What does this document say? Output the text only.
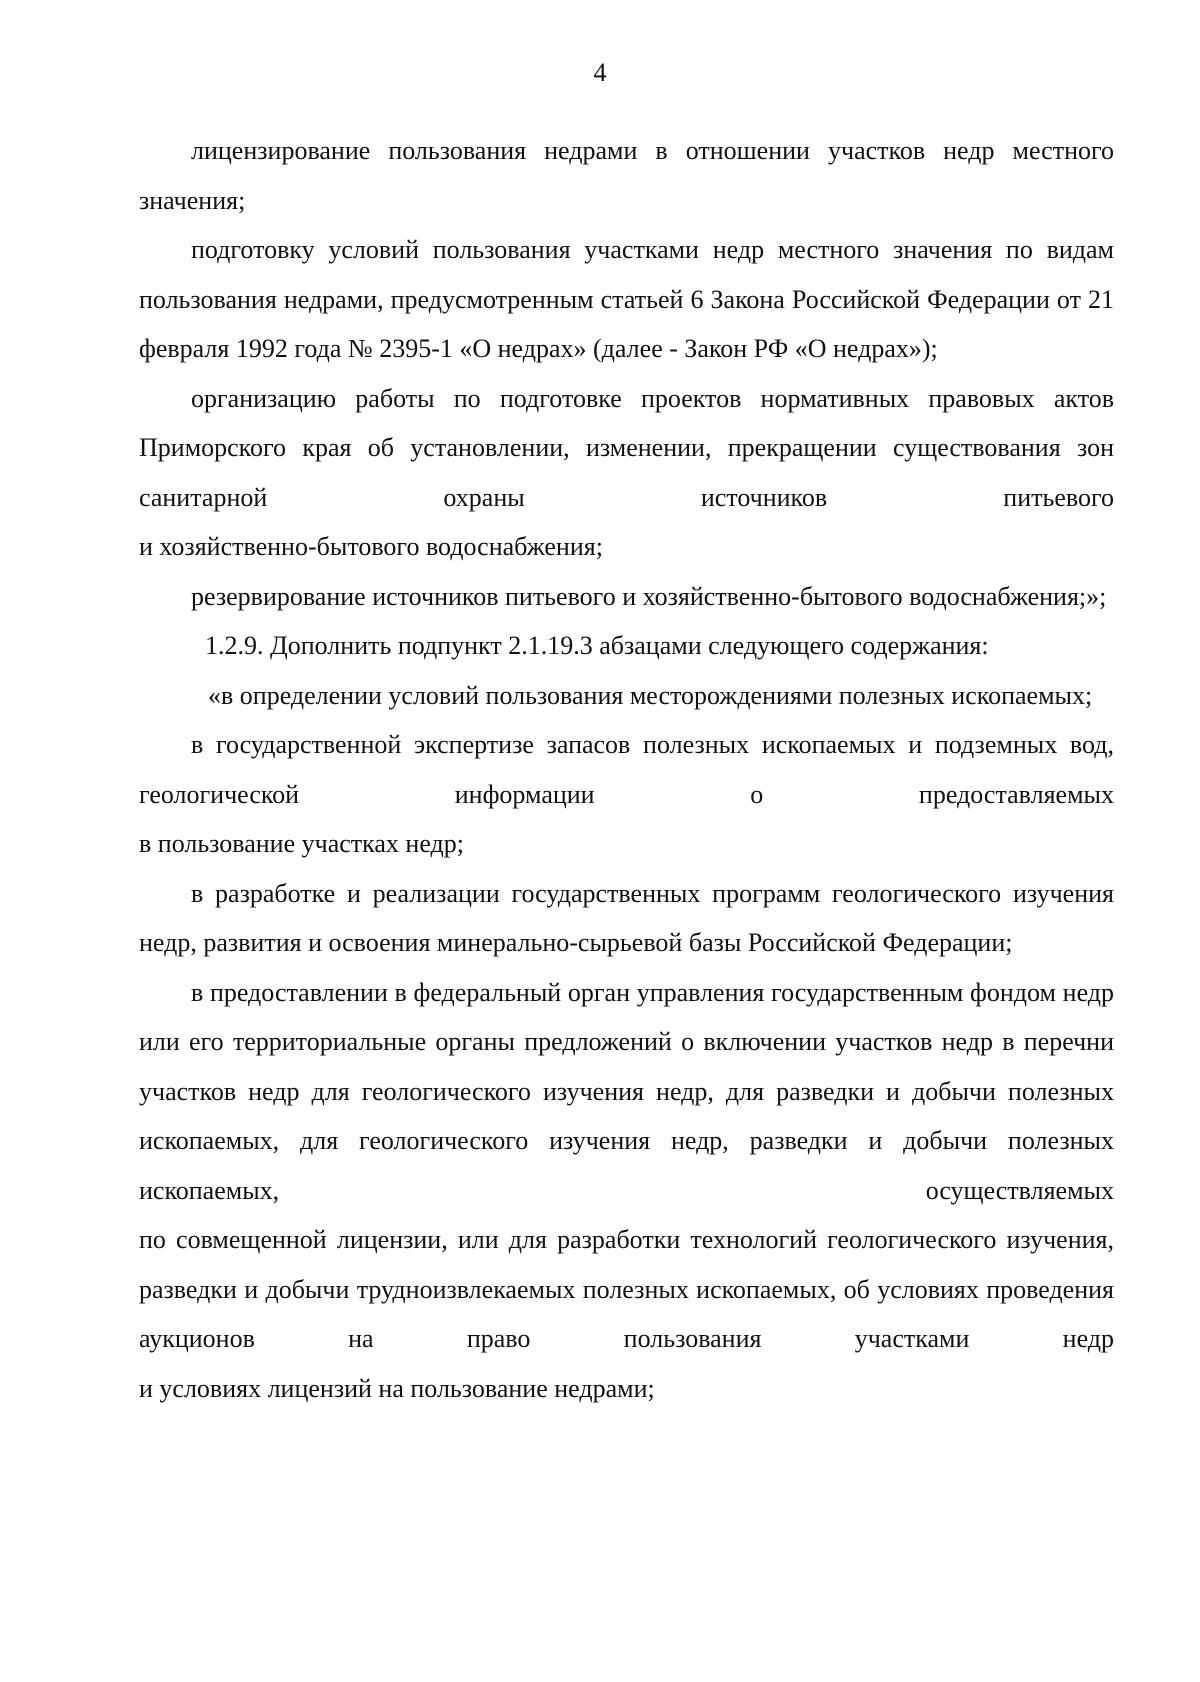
4

лицензирование пользования недрами в отношении участков недр местного значения;

подготовку условий пользования участками недр местного значения по видам пользования недрами, предусмотренным статьей 6 Закона Российской Федерации от 21 февраля 1992 года № 2395-1 «О недрах» (далее - Закон РФ «О недрах»);

организацию работы по подготовке проектов нормативных правовых актов Приморского края об установлении, изменении, прекращении существования зон санитарной охраны источников питьевого

и хозяйственно-бытового водоснабжения;

резервирование источников питьевого и хозяйственно-бытового водоснабжения;»;

1.2.9. Дополнить подпункт 2.1.19.3 абзацами следующего содержания:

«в определении условий пользования месторождениями полезных ископаемых;

в государственной экспертизе запасов полезных ископаемых и подземных вод, геологической информации о предоставляемых

в пользование участках недр;

в разработке и реализации государственных программ геологического изучения недр, развития и освоения минерально-сырьевой базы Российской Федерации;

в предоставлении в федеральный орган управления государственным фондом недр или его территориальные органы предложений о включении участков недр в перечни участков недр для геологического изучения недр, для разведки и добычи полезных ископаемых, для геологического изучения недр, разведки и добычи полезных ископаемых, осуществляемых

по совмещенной лицензии, или для разработки технологий геологического изучения, разведки и добычи трудноизвлекаемых полезных ископаемых, об условиях проведения аукционов на право пользования участками недр

и условиях лицензий на пользование недрами;
